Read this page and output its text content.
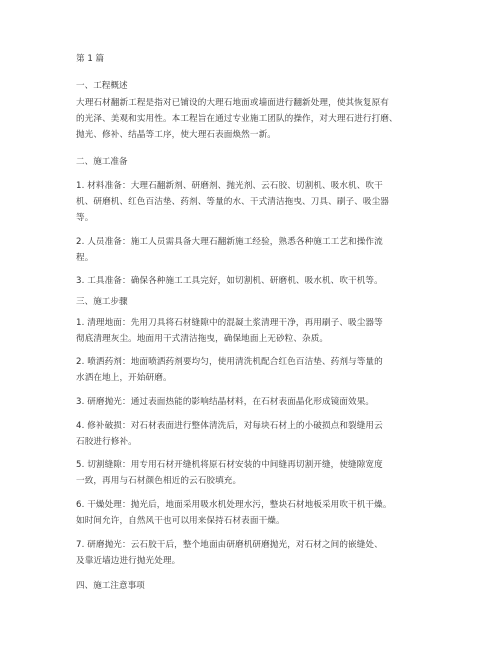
第 1 篇
一、工程概述
大理石材翻新工程是指对已铺设的大理石地面或墙面进行翻新处理，使其恢复原有
的光泽、美观和实用性。本工程旨在通过专业施工团队的操作，对大理石进行打磨、
抛光、修补、结晶等工序，使大理石表面焕然一新。
二、施工准备
1. 材料准备：大理石翻新剂、研磨剂、抛光剂、云石胶、切割机、吸水机、吹干
机、研磨机、红色百洁垫、药剂、等量的水、干式清洁拖曳、刀具、刷子、吸尘器
等。
2. 人员准备：施工人员需具备大理石翻新施工经验，熟悉各种施工工艺和操作流
程。
3. 工具准备：确保各种施工工具完好，如切割机、研磨机、吸水机、吹干机等。
三、施工步骤
1. 清理地面：先用刀具将石材缝隙中的混凝土浆清理干净，再用刷子、吸尘器等
彻底清理灰尘。地面用干式清洁拖曳，确保地面上无砂粒、杂质。
2. 喷洒药剂：地面喷洒药剂要均匀，使用清洗机配合红色百洁垫、药剂与等量的
水洒在地上，开始研磨。
3. 研磨抛光：通过表面热能的影响结晶材料，在石材表面晶化形成镜面效果。
4. 修补破损：对石材表面进行整体清洗后，对每块石材上的小破损点和裂缝用云
石胶进行修补。
5. 切割缝隙：用专用石材开缝机将原石材安装的中间缝再切割开缝，使缝隙宽度
一致，再用与石材颜色相近的云石胶填充。
6. 干燥处理：抛光后，地面采用吸水机处理水污，整块石材地板采用吹干机干燥。
如时间允许，自然风干也可以用来保持石材表面干燥。
7. 研磨抛光：云石胶干后，整个地面由研磨机研磨抛光，对石材之间的嵌缝处、
及靠近墙边进行抛光处理。
四、施工注意事项
